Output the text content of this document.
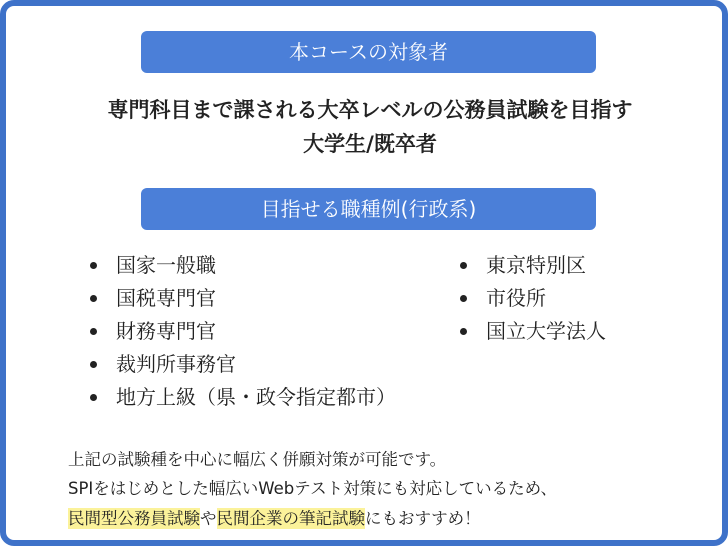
本コースの対象者
専門科目まで課される大卒レベルの公務員試験を目指す
大学生/既卒者
目指せる職種例(行政系)
国家一般職
国税専門官
財務専門官
裁判所事務官
地方上級（県・政令指定都市）
東京特別区
市役所
国立大学法人
上記の試験種を中心に幅広く併願対策が可能です。
SPIをはじめとした幅広いWebテスト対策にも対応しているため、
民間型公務員試験や民間企業の筆記試験にもおすすめ！
